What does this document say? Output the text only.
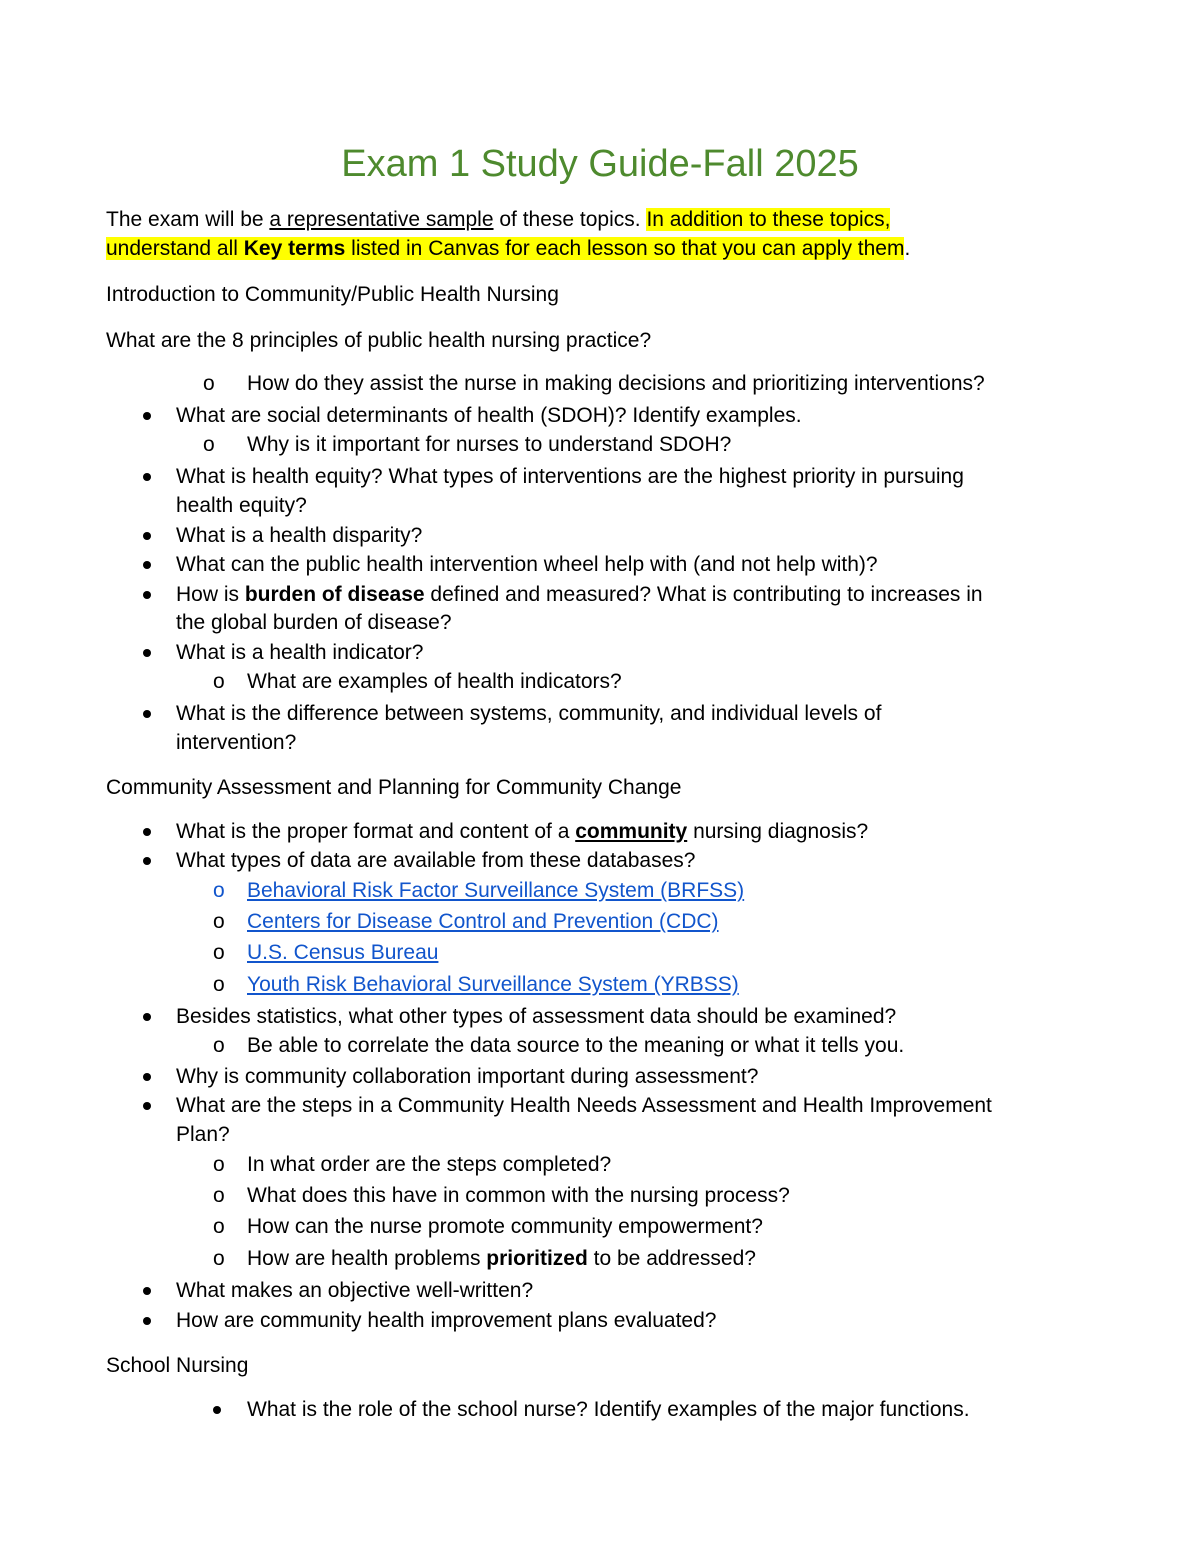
Exam 1 Study Guide-Fall 2025
The exam will be a representative sample of these topics. In addition to these topics,
understand all Key terms listed in Canvas for each lesson so that you can apply them.
Introduction to Community/Public Health Nursing
What are the 8 principles of public health nursing practice?
o How do they assist the nurse in making decisions and prioritizing interventions?
What are social determinants of health (SDOH)? Identify examples.
o Why is it important for nurses to understand SDOH?
What is health equity? What types of interventions are the highest priority in pursuing
health equity?
What is a health disparity?
What can the public health intervention wheel help with (and not help with)?
How is burden of disease defined and measured? What is contributing to increases in
the global burden of disease?
What is a health indicator?
o What are examples of health indicators?
What is the difference between systems, community, and individual levels of
intervention?
Community Assessment and Planning for Community Change
What is the proper format and content of a community nursing diagnosis?
What types of data are available from these databases?
o Behavioral Risk Factor Surveillance System (BRFSS)
o Centers for Disease Control and Prevention (CDC)
o U.S. Census Bureau
o Youth Risk Behavioral Surveillance System (YRBSS)
Besides statistics, what other types of assessment data should be examined?
o Be able to correlate the data source to the meaning or what it tells you.
Why is community collaboration important during assessment?
What are the steps in a Community Health Needs Assessment and Health Improvement
Plan?
o In what order are the steps completed?
o What does this have in common with the nursing process?
o How can the nurse promote community empowerment?
o How are health problems prioritized to be addressed?
What makes an objective well-written?
How are community health improvement plans evaluated?
School Nursing
What is the role of the school nurse? Identify examples of the major functions.
